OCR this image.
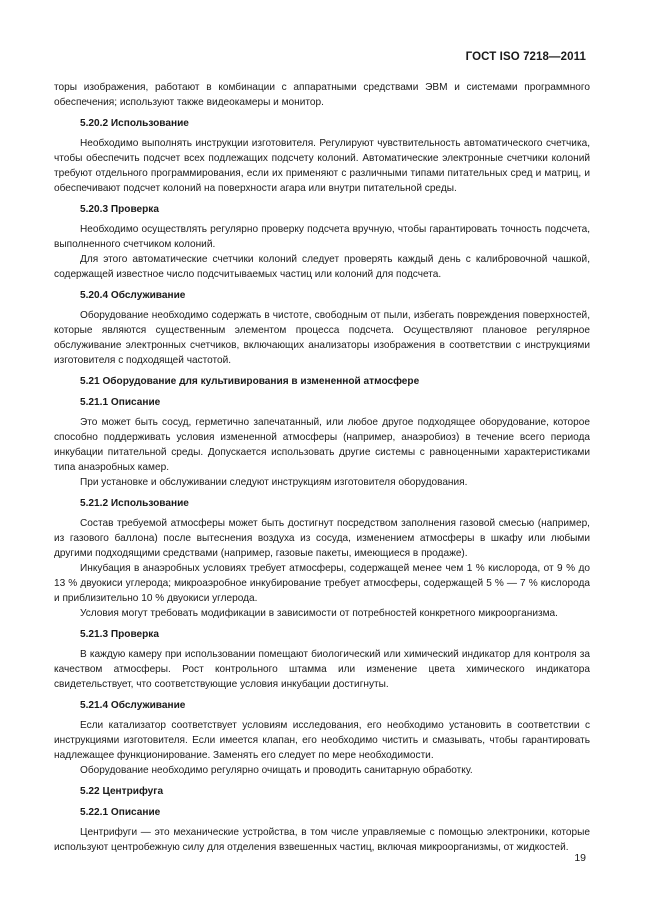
ГОСТ ISO 7218—2011

торы изображения, работают в комбинации с аппаратными средствами ЭВМ и системами программного обеспечения; используют также видеокамеры и монитор.

5.20.2 Использование

Необходимо выполнять инструкции изготовителя. Регулируют чувствительность автоматического счетчика, чтобы обеспечить подсчет всех подлежащих подсчету колоний. Автоматические электронные счетчики колоний требуют отдельного программирования, если их применяют с различными типами питательных сред и матриц, и обеспечивают подсчет колоний на поверхности агара или внутри питательной среды.

5.20.3 Проверка

Необходимо осуществлять регулярно проверку подсчета вручную, чтобы гарантировать точность подсчета, выполненного счетчиком колоний.

Для этого автоматические счетчики колоний следует проверять каждый день с калибровочной чашкой, содержащей известное число подсчитываемых частиц или колоний для подсчета.

5.20.4 Обслуживание

Оборудование необходимо содержать в чистоте, свободным от пыли, избегать повреждения поверхностей, которые являются существенным элементом процесса подсчета. Осуществляют плановое регулярное обслуживание электронных счетчиков, включающих анализаторы изображения в соответствии с инструкциями изготовителя с подходящей частотой.

5.21 Оборудование для культивирования в измененной атмосфере
5.21.1 Описание

Это может быть сосуд, герметично запечатанный, или любое другое подходящее оборудование, которое способно поддерживать условия измененной атмосферы (например, анаэробиоз) в течение всего периода инкубации питательной среды. Допускается использовать другие системы с равноценными характеристиками типа анаэробных камер.

При установке и обслуживании следуют инструкциям изготовителя оборудования.

5.21.2 Использование

Состав требуемой атмосферы может быть достигнут посредством заполнения газовой смесью (например, из газового баллона) после вытеснения воздуха из сосуда, изменением атмосферы в шкафу или любыми другими подходящими средствами (например, газовые пакеты, имеющиеся в продаже).

Инкубация в анаэробных условиях требует атмосферы, содержащей менее чем 1 % кислорода, от 9 % до 13 % двуокиси углерода; микроаэробное инкубирование требует атмосферы, содержащей 5 % — 7 % кислорода и приблизительно 10 % двуокиси углерода.

Условия могут требовать модификации в зависимости от потребностей конкретного микроорганизма.

5.21.3 Проверка

В каждую камеру при использовании помещают биологический или химический индикатор для контроля за качеством атмосферы. Рост контрольного штамма или изменение цвета химического индикатора свидетельствует, что соответствующие условия инкубации достигнуты.

5.21.4 Обслуживание

Если катализатор соответствует условиям исследования, его необходимо установить в соответствии с инструкциями изготовителя. Если имеется клапан, его необходимо чистить и смазывать, чтобы гарантировать надлежащее функционирование. Заменять его следует по мере необходимости.

Оборудование необходимо регулярно очищать и проводить санитарную обработку.

5.22 Центрифуга
5.22.1 Описание

Центрифуги — это механические устройства, в том числе управляемые с помощью электроники, которые используют центробежную силу для отделения взвешенных частиц, включая микроорганизмы, от жидкостей.

19
